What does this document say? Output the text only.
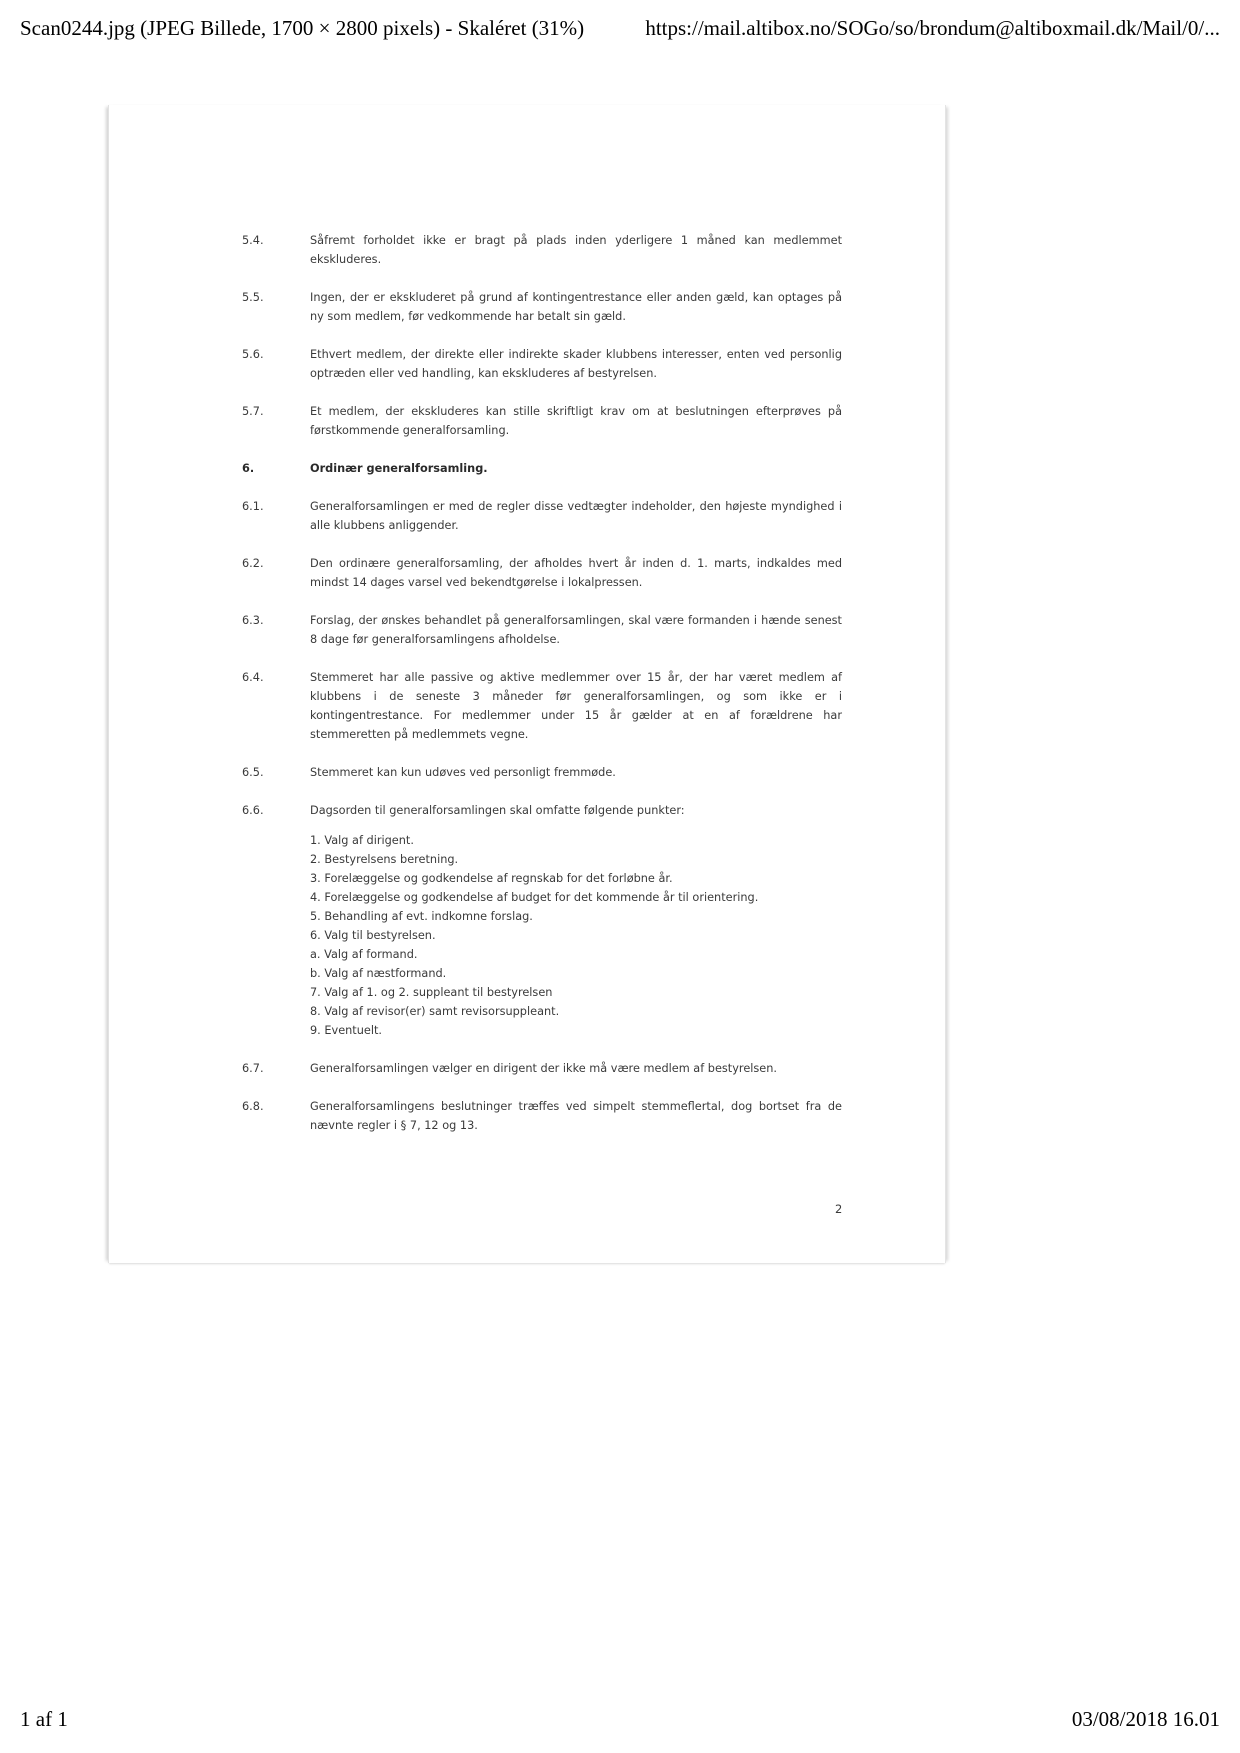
Scan0244.jpg (JPEG Billede, 1700 × 2800 pixels) - Skaléret (31%)	https://mail.altibox.no/SOGo/so/brondum@altiboxmail.dk/Mail/0/...
5.4.	Såfremt forholdet ikke er bragt på plads inden yderligere 1 måned kan medlemmet ekskluderes.
5.5.	Ingen, der er ekskluderet på grund af kontingentrestance eller anden gæld, kan optages på ny som medlem, før vedkommende har betalt sin gæld.
5.6.	Ethvert medlem, der direkte eller indirekte skader klubbens interesser, enten ved personlig optræden eller ved handling, kan ekskluderes af bestyrelsen.
5.7.	Et medlem, der ekskluderes kan stille skriftligt krav om at beslutningen efterprøves på førstkommende generalforsamling.
6.	Ordinær generalforsamling.
6.1.	Generalforsamlingen er med de regler disse vedtægter indeholder, den højeste myndighed i alle klubbens anliggender.
6.2.	Den ordinære generalforsamling, der afholdes hvert år inden d. 1. marts, indkaldes med mindst 14 dages varsel ved bekendtgørelse i lokalpressen.
6.3.	Forslag, der ønskes behandlet på generalforsamlingen, skal være formanden i hænde senest 8 dage før generalforsamlingens afholdelse.
6.4.	Stemmeret har alle passive og aktive medlemmer over 15 år, der har været medlem af klubbens i de seneste 3 måneder før generalforsamlingen, og som ikke er i kontingentrestance. For medlemmer under 15 år gælder at en af forældrene har stemmeretten på medlemmets vegne.
6.5.	Stemmeret kan kun udøves ved personligt fremmøde.
6.6.	Dagsorden til generalforsamlingen skal omfatte følgende punkter:
1. Valg af dirigent.
2. Bestyrelsens beretning.
3. Forelæggelse og godkendelse af regnskab for det forløbne år.
4. Forelæggelse og godkendelse af budget for det kommende år til orientering.
5. Behandling af evt. indkomne forslag.
6. Valg til bestyrelsen.
a. Valg af formand.
b. Valg af næstformand.
7. Valg af 1. og 2. suppleant til bestyrelsen
8. Valg af revisor(er) samt revisorsuppleant.
9. Eventuelt.
6.7.	Generalforsamlingen vælger en dirigent der ikke må være medlem af bestyrelsen.
6.8.	Generalforsamlingens beslutninger træffes ved simpelt stemmeflertal, dog bortset fra de nævnte regler i § 7, 12 og 13.
2
1 af 1	03/08/2018 16.01
